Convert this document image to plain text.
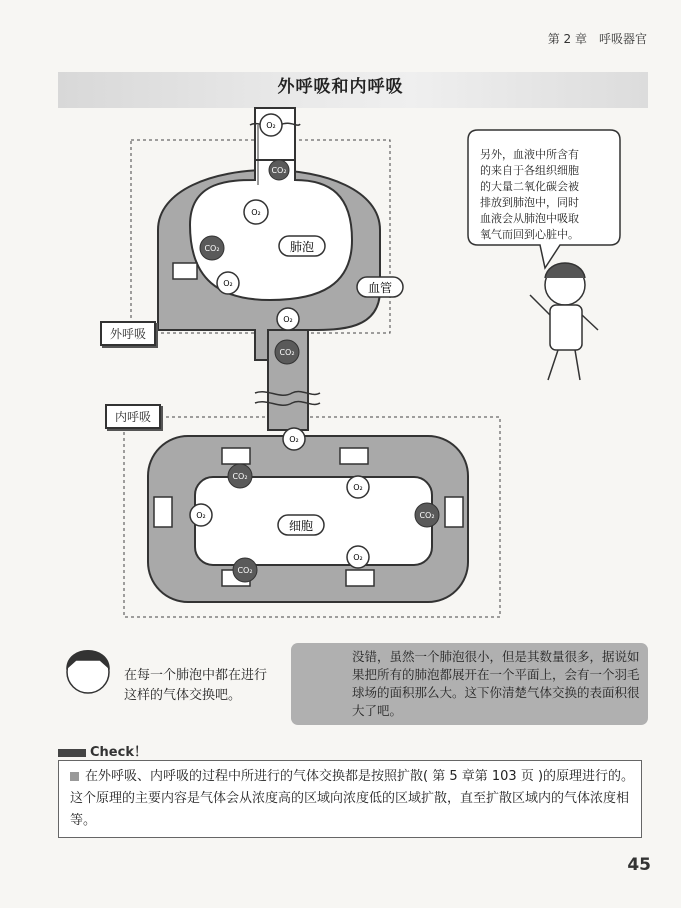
第 2 章　呼吸器官
外呼吸和内呼吸
O₂
CO₂
O₂
CO₂
O₂
O₂
CO₂
O₂
CO₂
O₂
O₂	CO₂
O₂
CO₂
肺泡
血管
细胞
另外，血液中所含有
的来自于各组织细胞
的大量二氧化碳会被
排放到肺泡中，同时
血液会从肺泡中吸取
氧气而回到心脏中。
外呼吸
内呼吸
在每一个肺泡中都在进行这样的气体交换吧。
没错，虽然一个肺泡很小，但是其数量很多，据说如果把所有的肺泡都展开在一个平面上，会有一个羽毛球场的面积那么大。这下你清楚气体交换的表面积很大了吧。
Check！
在外呼吸、内呼吸的过程中所进行的气体交换都是按照扩散( 第 5 章第 103 页 )的原理进行的。这个原理的主要内容是气体会从浓度高的区域向浓度低的区域扩散，直至扩散区域内的气体浓度相等。
45
